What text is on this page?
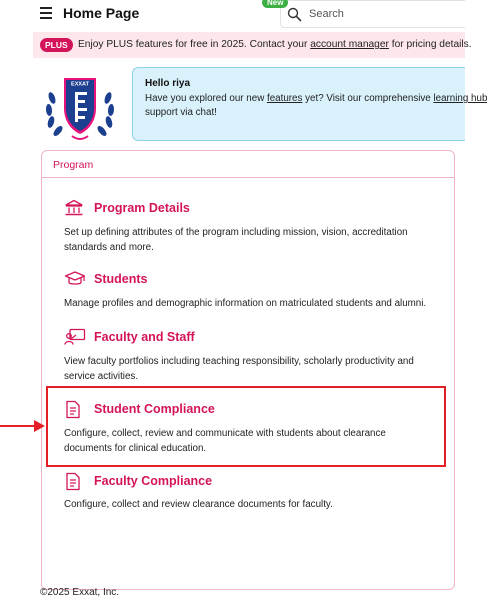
Home Page	Search
New
PLUS	Enjoy PLUS features for free in 2025. Contact your account manager for pricing details.
EXXAT	Hello riya
Have you explored our new features yet? Visit our comprehensive learning hub
support via chat!
Program
Program Details
Set up defining attributes of the program including mission, vision, accreditation standards and more.
Students
Manage profiles and demographic information on matriculated students and alumni.
Faculty and Staff
View faculty portfolios including teaching responsibility, scholarly productivity and service activities.
Student Compliance
Configure, collect, review and communicate with students about clearance documents for clinical education.
Faculty Compliance
Configure, collect and review clearance documents for faculty.
©2025 Exxat, Inc.
